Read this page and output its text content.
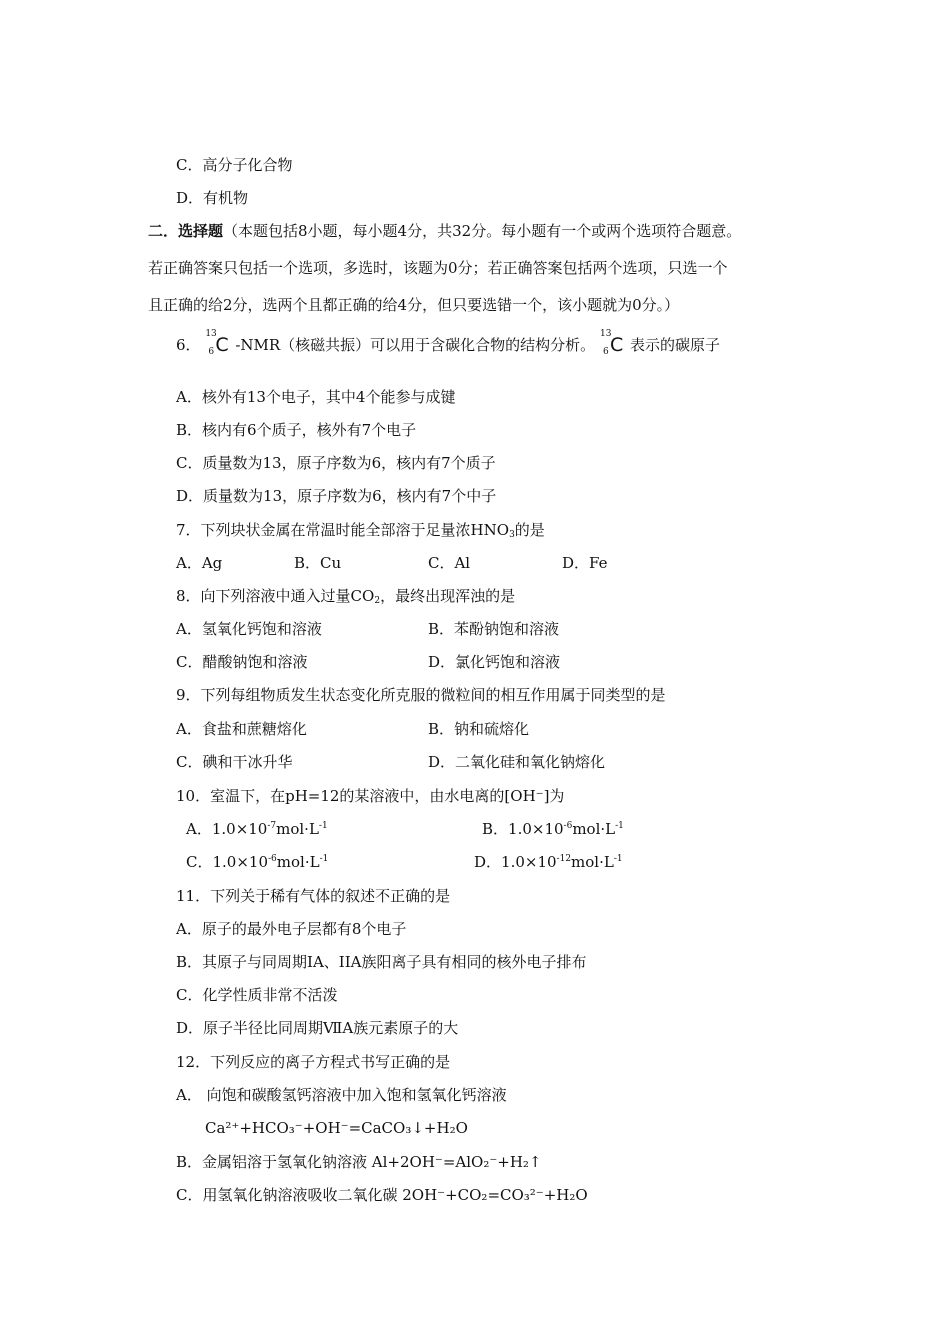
C．高分子化合物
D．有机物
二．选择题（本题包括8小题，每小题4分，共32分。每小题有一个或两个选项符合题意。
若正确答案只包括一个选项，多选时，该题为0分；若正确答案包括两个选项，只选一个
且正确的给2分，选两个且都正确的给4分，但只要选错一个，该小题就为0分。）
6．
13
6 C -NMR（核磁共振）可以用于含碳化合物的结构分析。
13
6 C 表示的碳原子
A．核外有13个电子，其中4个能参与成键
B．核内有6个质子，核外有7个电子
C．质量数为13，原子序数为6，核内有7个质子
D．质量数为13，原子序数为6，核内有7个中子
7．下列块状金属在常温时能全部溶于足量浓$HNO_3$的是
A．Ag	B．Cu	C．Al	D．Fe
8．向下列溶液中通入过量$CO_2$，最终出现浑浊的是
A．氢氧化钙饱和溶液	B．苯酚钠饱和溶液
C．醋酸钠饱和溶液	D．氯化钙饱和溶液
9．下列每组物质发生状态变化所克服的微粒间的相互作用属于同类型的是
A．食盐和蔗糖熔化	B．钠和硫熔化
C．碘和干冰升华	D．二氧化硅和氧化钠熔化
10．室温下，在pH=12的某溶液中，由水电离的[OH⁻]为
A．$1.0\times 10^{-7}mol\cdot L^{-1}$	B．$1.0\times 10^{-6}mol\cdot L^{-1}$
C．$1.0\times 10^{-6}mol\cdot L^{-1}$	D．$1.0\times 10^{-12}mol\cdot L^{-1}$
11．下列关于稀有气体的叙述不正确的是
A．原子的最外电子层都有8个电子
B．其原子与同周期IA、IIA族阳离子具有相同的核外电子排布
C．化学性质非常不活泼
D．原子半径比同周期ⅦA族元素原子的大
12．下列反应的离子方程式书写正确的是
A． 向饱和碳酸氢钙溶液中加入饱和氢氧化钙溶液
Ca²⁺+HCO₃⁻+OH⁻=CaCO₃↓+H₂O
B．金属铝溶于氢氧化钠溶液 Al+2OH⁻=AlO₂⁻+H₂↑
C．用氢氧化钠溶液吸收二氧化碳 2OH⁻+CO₂=CO₃²⁻+H₂O
